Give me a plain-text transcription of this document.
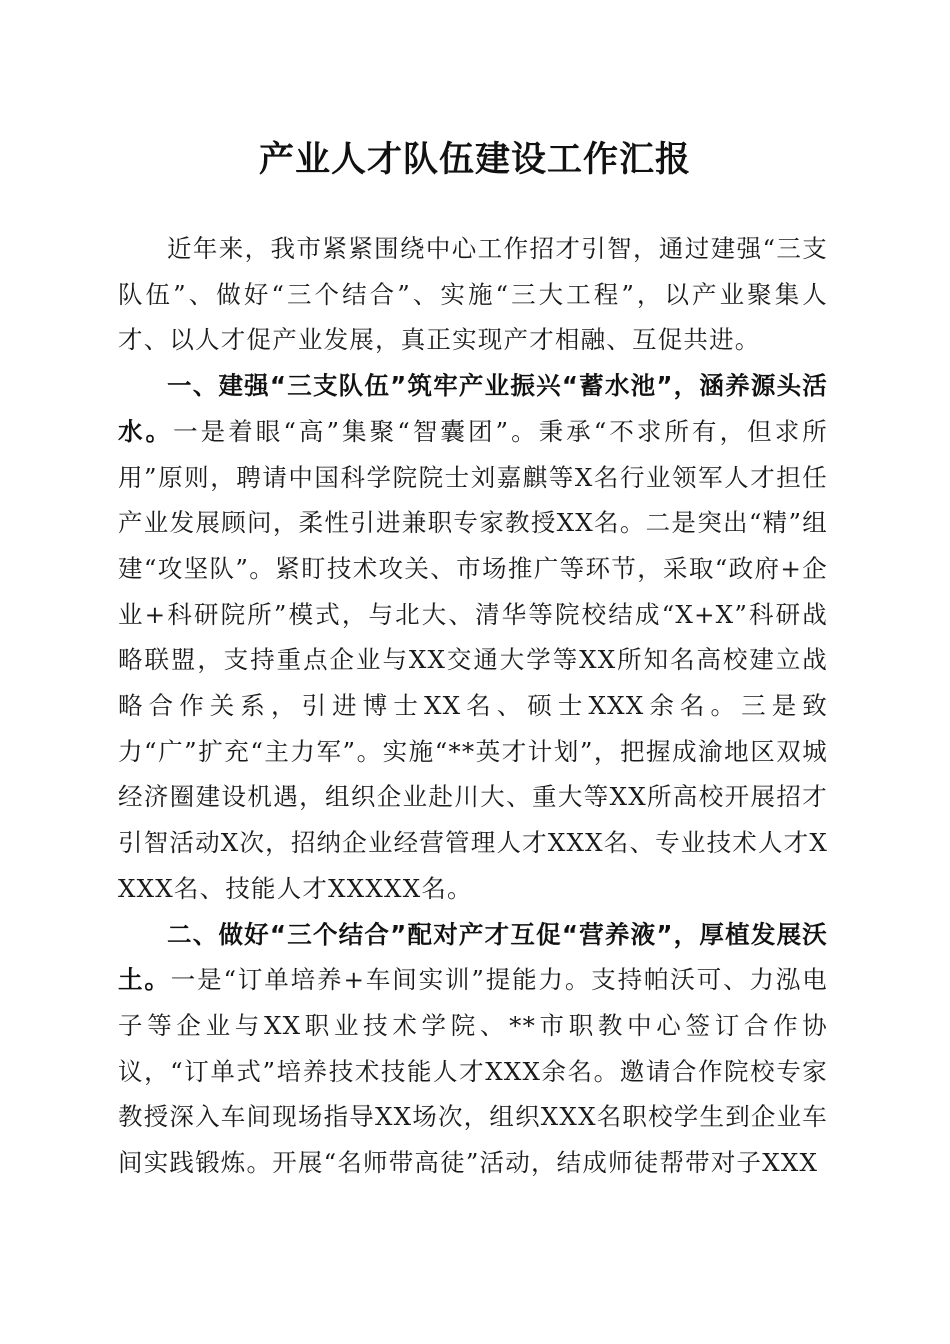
产业人才队伍建设工作汇报

近年来，我市紧紧围绕中心工作招才引智，通过建强“三支队伍”、做好“三个结合”、实施“三大工程”，以产业聚集人才、以人才促产业发展，真正实现产才相融、互促共进。

一、建强“三支队伍”筑牢产业振兴“蓄水池”，涵养源头活水。一是着眼“高”集聚“智囊团”。秉承“不求所有，但求所用”原则，聘请中国科学院院士刘嘉麒等X名行业领军人才担任产业发展顾问，柔性引进兼职专家教授XX名。二是突出“精”组建“攻坚队”。紧盯技术攻关、市场推广等环节，采取“政府+企业+科研院所”模式，与北大、清华等院校结成“X+X”科研战略联盟，支持重点企业与XX交通大学等XX所知名高校建立战略合作关系，引进博士XX名、硕士XXX余名。三是致力“广”扩充“主力军”。实施“**英才计划”，把握成渝地区双城经济圈建设机遇，组织企业赴川大、重大等XX所高校开展招才引智活动X次，招纳企业经营管理人才XXX名、专业技术人才XXXX名、技能人才XXXXX名。

二、做好“三个结合”配对产才互促“营养液”，厚植发展沃土。一是“订单培养+车间实训”提能力。支持帕沃可、力泓电子等企业与XX职业技术学院、**市职教中心签订合作协议，“订单式”培养技术技能人才XXX余名。邀请合作院校专家教授深入车间现场指导XX场次，组织XXX名职校学生到企业车间实践锻炼。开展“名师带高徒”活动，结成师徒帮带对子XXX
